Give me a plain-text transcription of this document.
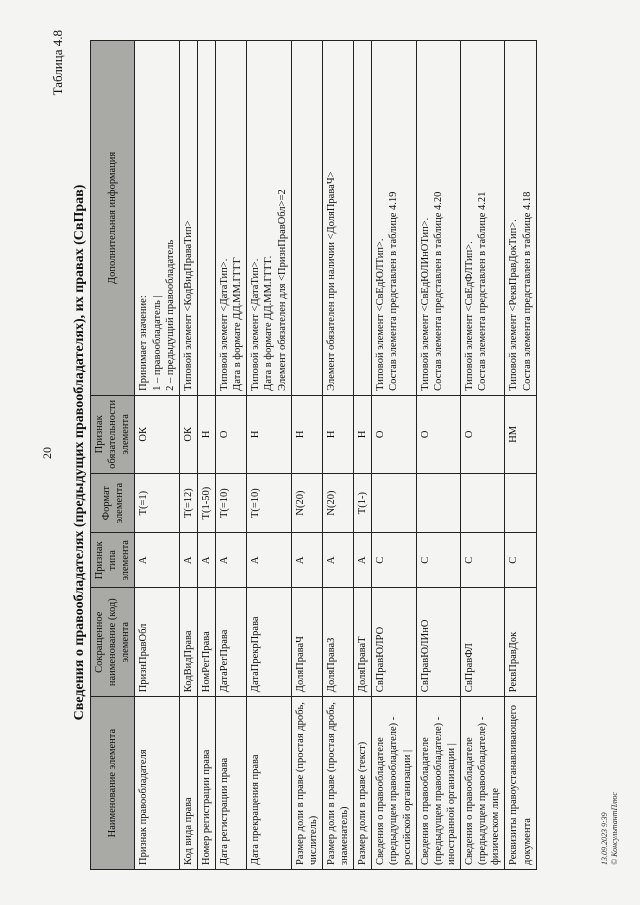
20
Таблица 4.8
Сведения о правообладателях (предыдущих правообладателях), их правах (СвПрав)
Наименование элемента	Сокращенное наименование (код) элемента	Признак типа элемента	Формат элемента	Признак обязательности элемента	Дополнительная информация
Признак правообладателя	ПризнПравОбл	А	T(=1)	ОК	Принимает значение: 1 – правообладатель | 2 – предыдущий правообладатель

Код вида права	КодВидПрава	А	T(=12)	ОК	Типовой элемент <КодВидПраваТип>

Номер регистрации права	НомРегПрава	А	T(1-50)	Н	

Дата регистрации права	ДатаРегПрава	А	T(=10)	О	Типовой элемент <ДатаТип>. Дата в формате ДД.ММ.ГГГГ

Дата прекращения права	ДатаПрекрПрава	А	T(=10)	Н	Типовой элемент <ДатаТип>. Дата в формате ДД.ММ.ГГГГ. Элемент обязателен для <ПризнПравОбл>=2

Размер доли в праве (простая дробь, числитель)	ДоляПраваЧ	А	N(20)	Н	

Размер доли в праве (простая дробь, знаменатель)	ДоляПраваЗ	А	N(20)	Н	Элемент обязателен при наличии <ДоляПраваЧ>

Размер доли в праве (текст)	ДоляПраваТ	А	T(1-)	Н	

Сведения о правообладателе (предыдущем правообладателе) - российской организации |	СвПравЮЛРО	С		О	Типовой элемент <СвЕдЮЛТип>. Состав элемента представлен в таблице 4.19

Сведения о правообладателе (предыдущем правообладателе) - иностранной организации |	СвПравЮЛИнО	С		О	Типовой элемент <СвЕдЮЛИнОТип>. Состав элемента представлен в таблице 4.20

Сведения о правообладателе (предыдущем правообладателе) - физическом лице	СвПравФЛ	С		О	Типовой элемент <СвЕдФЛТип>. Состав элемента представлен в таблице 4.21

Реквизиты правоустанавливающего документа	РеквПравДок	С		НМ	Типовой элемент <РеквПравДокТип>. Состав элемента представлен в таблице 4.18
13.09.2023 9:39 © КонсультантПлюс
